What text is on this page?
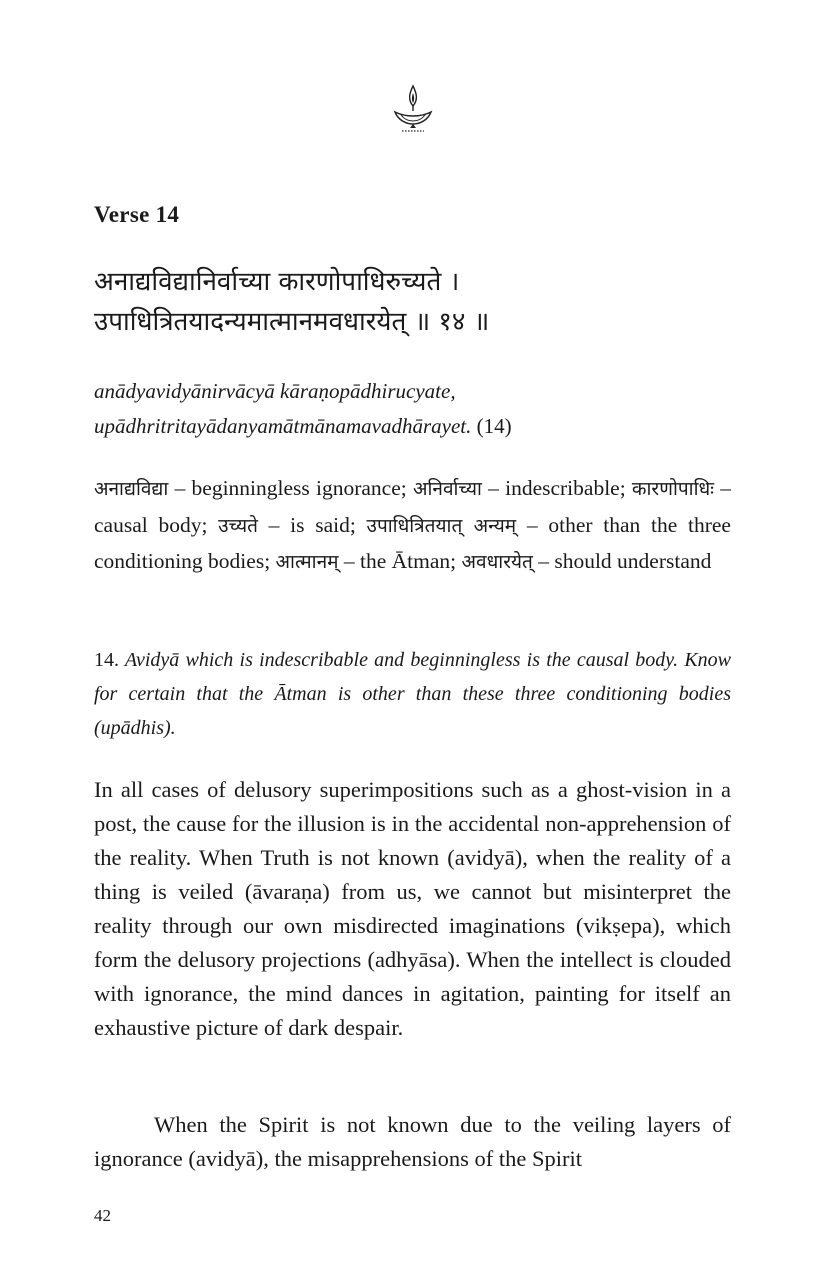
Verse 14
अनाद्यविद्यानिर्वाच्या कारणोपाधिरुच्यते ।
उपाधित्रितयादन्यमात्मानमवधारयेत् ॥ १४ ॥
anādyavidyānirvācyā kāraṇopādhirucyate,
upādhritritayādanyamātmānamavadhārayet. (14)
अनाद्यविद्या – beginningless ignorance; अनिर्वाच्या – indescribable; कारणोपाधिः – causal body; उच्यते – is said; उपाधित्रितयात् अन्यम् – other than the three conditioning bodies; आत्मानम् – the Ātman; अवधारयेत् – should understand
14. Avidyā which is indescribable and beginningless is the causal body. Know for certain that the Ātman is other than these three conditioning bodies (upādhis).
In all cases of delusory superimpositions such as a ghost-vision in a post, the cause for the illusion is in the accidental non-apprehension of the reality. When Truth is not known (avidyā), when the reality of a thing is veiled (āvaraṇa) from us, we cannot but misinterpret the reality through our own misdirected imaginations (vikṣepa), which form the delusory projections (adhyāsa). When the intellect is clouded with ignorance, the mind dances in agitation, painting for itself an exhaustive picture of dark despair.
When the Spirit is not known due to the veiling layers of ignorance (avidyā), the misapprehensions of the Spirit
42
